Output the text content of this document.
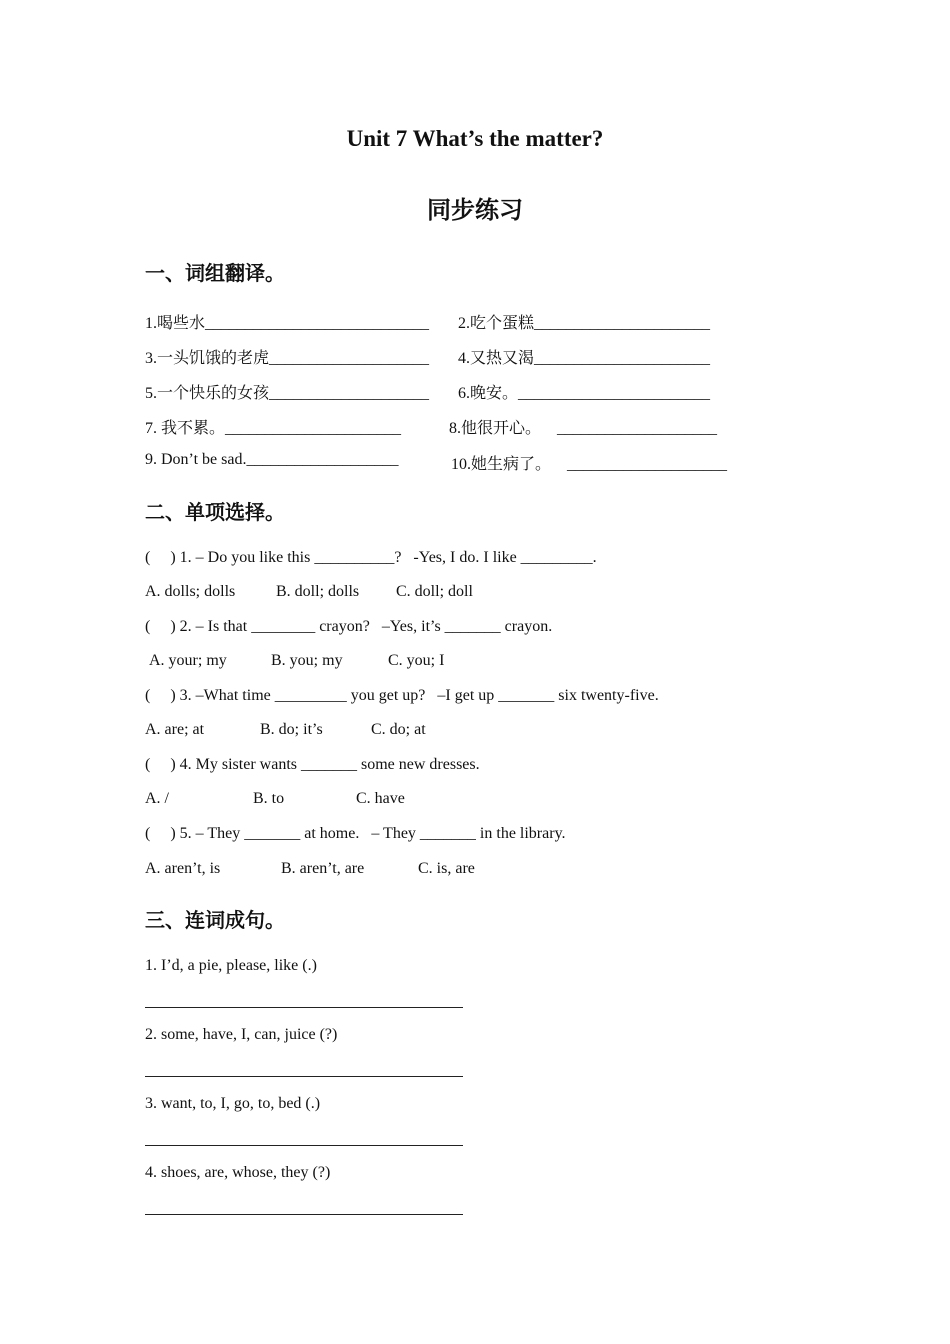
Unit 7 What’s the matter?
同步练习
一、词组翻译。
1.喝些水____________________________ 2.吃个蛋糕______________________
3.一头饥饿的老虎____________________ 4.又热又渴______________________
5.一个快乐的女孩____________________ 6.晚安。________________________
7. 我不累。______________________	8.他很开心。    ____________________
9. Don’t be sad.___________________	10.她生病了。    ____________________
二、单项选择。
(     ) 1. – Do you like this __________?   -Yes, I do. I like _________.
A. dolls; dolls	B. doll; dolls C. doll; doll
(     ) 2. – Is that ________ crayon?   –Yes, it’s _______ crayon.
A. your; my	B. you; my	C. you; I
(     ) 3. –What time _________ you get up?   –I get up _______ six twenty-five.
A. are; at	B. do; it’s	C. do; at
(     ) 4. My sister wants _______ some new dresses.
A. /	B. to	C. have
(     ) 5. – They _______ at home.   – They _______ in the library.
A. aren’t, is	B. aren’t, are	C. is, are
三、连词成句。
1. I’d, a pie, please, like (.)
2. some, have, I, can, juice (?)
3. want, to, I, go, to, bed (.)
4. shoes, are, whose, they (?)
